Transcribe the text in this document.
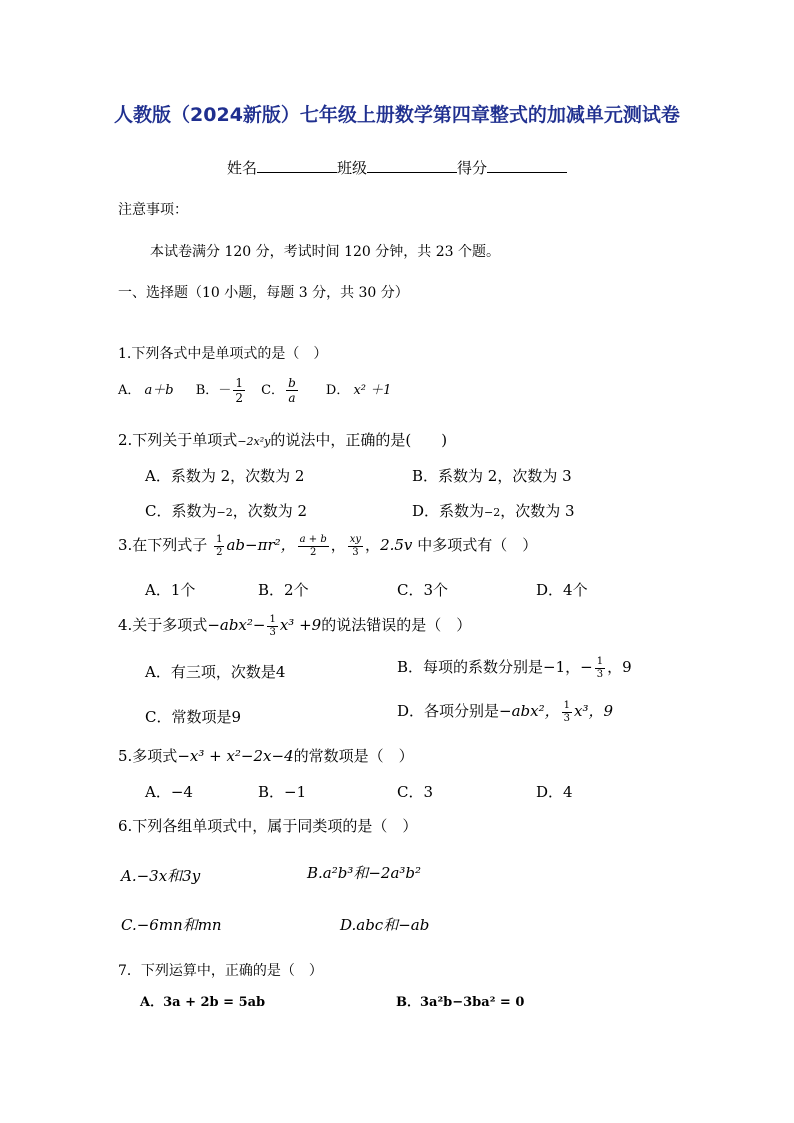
人教版（2024新版）七年级上册数学第四章整式的加减单元测试卷
姓名	班级	得分
注意事项：
本试卷满分 120 分，考试时间 120 分钟，共 23 个题。
一、选择题（10 小题，每题 3 分，共 30 分）
1.下列各式中是单项式的是（　）
A． a＋b B．－ $\frac{1}{2}$ C． $\frac{b}{a}$ D． x² ＋1
2.下列关于单项式−2x²y的说法中，正确的是(　　)
A．系数为 2，次数为 2	B．系数为 2，次数为 3
C．系数为−2，次数为 2	D．系数为−2，次数为 3
3.在下列式子 $\frac{1}{2} ab-\pi r^2$， $\frac{a + b}{2}$ ， $\frac{xy}{3}$ ，2.5v 中多项式有（　）
A．1个	B．2个	C．3个	D．4个
4.关于多项式$-abx^2- \frac{1}{3} x^3 +9$的说法错误的是（　）
A．有三项，次数是4	B．每项的系数分别是−1，− $\frac{1}{3}$ ，9
C．常数项是9	D．各项分别是−abx²， $\frac{1}{3} x^3$，9
5.多项式−x³ + x²−2x−4的常数项是（　）
A．−4	B．−1	C．3	D．4
6.下列各组单项式中，属于同类项的是（　）
A.−3x和3y	B.a²b³和−2a³b²
C.−6mn和mn	D.abc和−ab
7．下列运算中，正确的是（　）
A．3a + 2b = 5ab	B．3a²b−3ba² = 0
